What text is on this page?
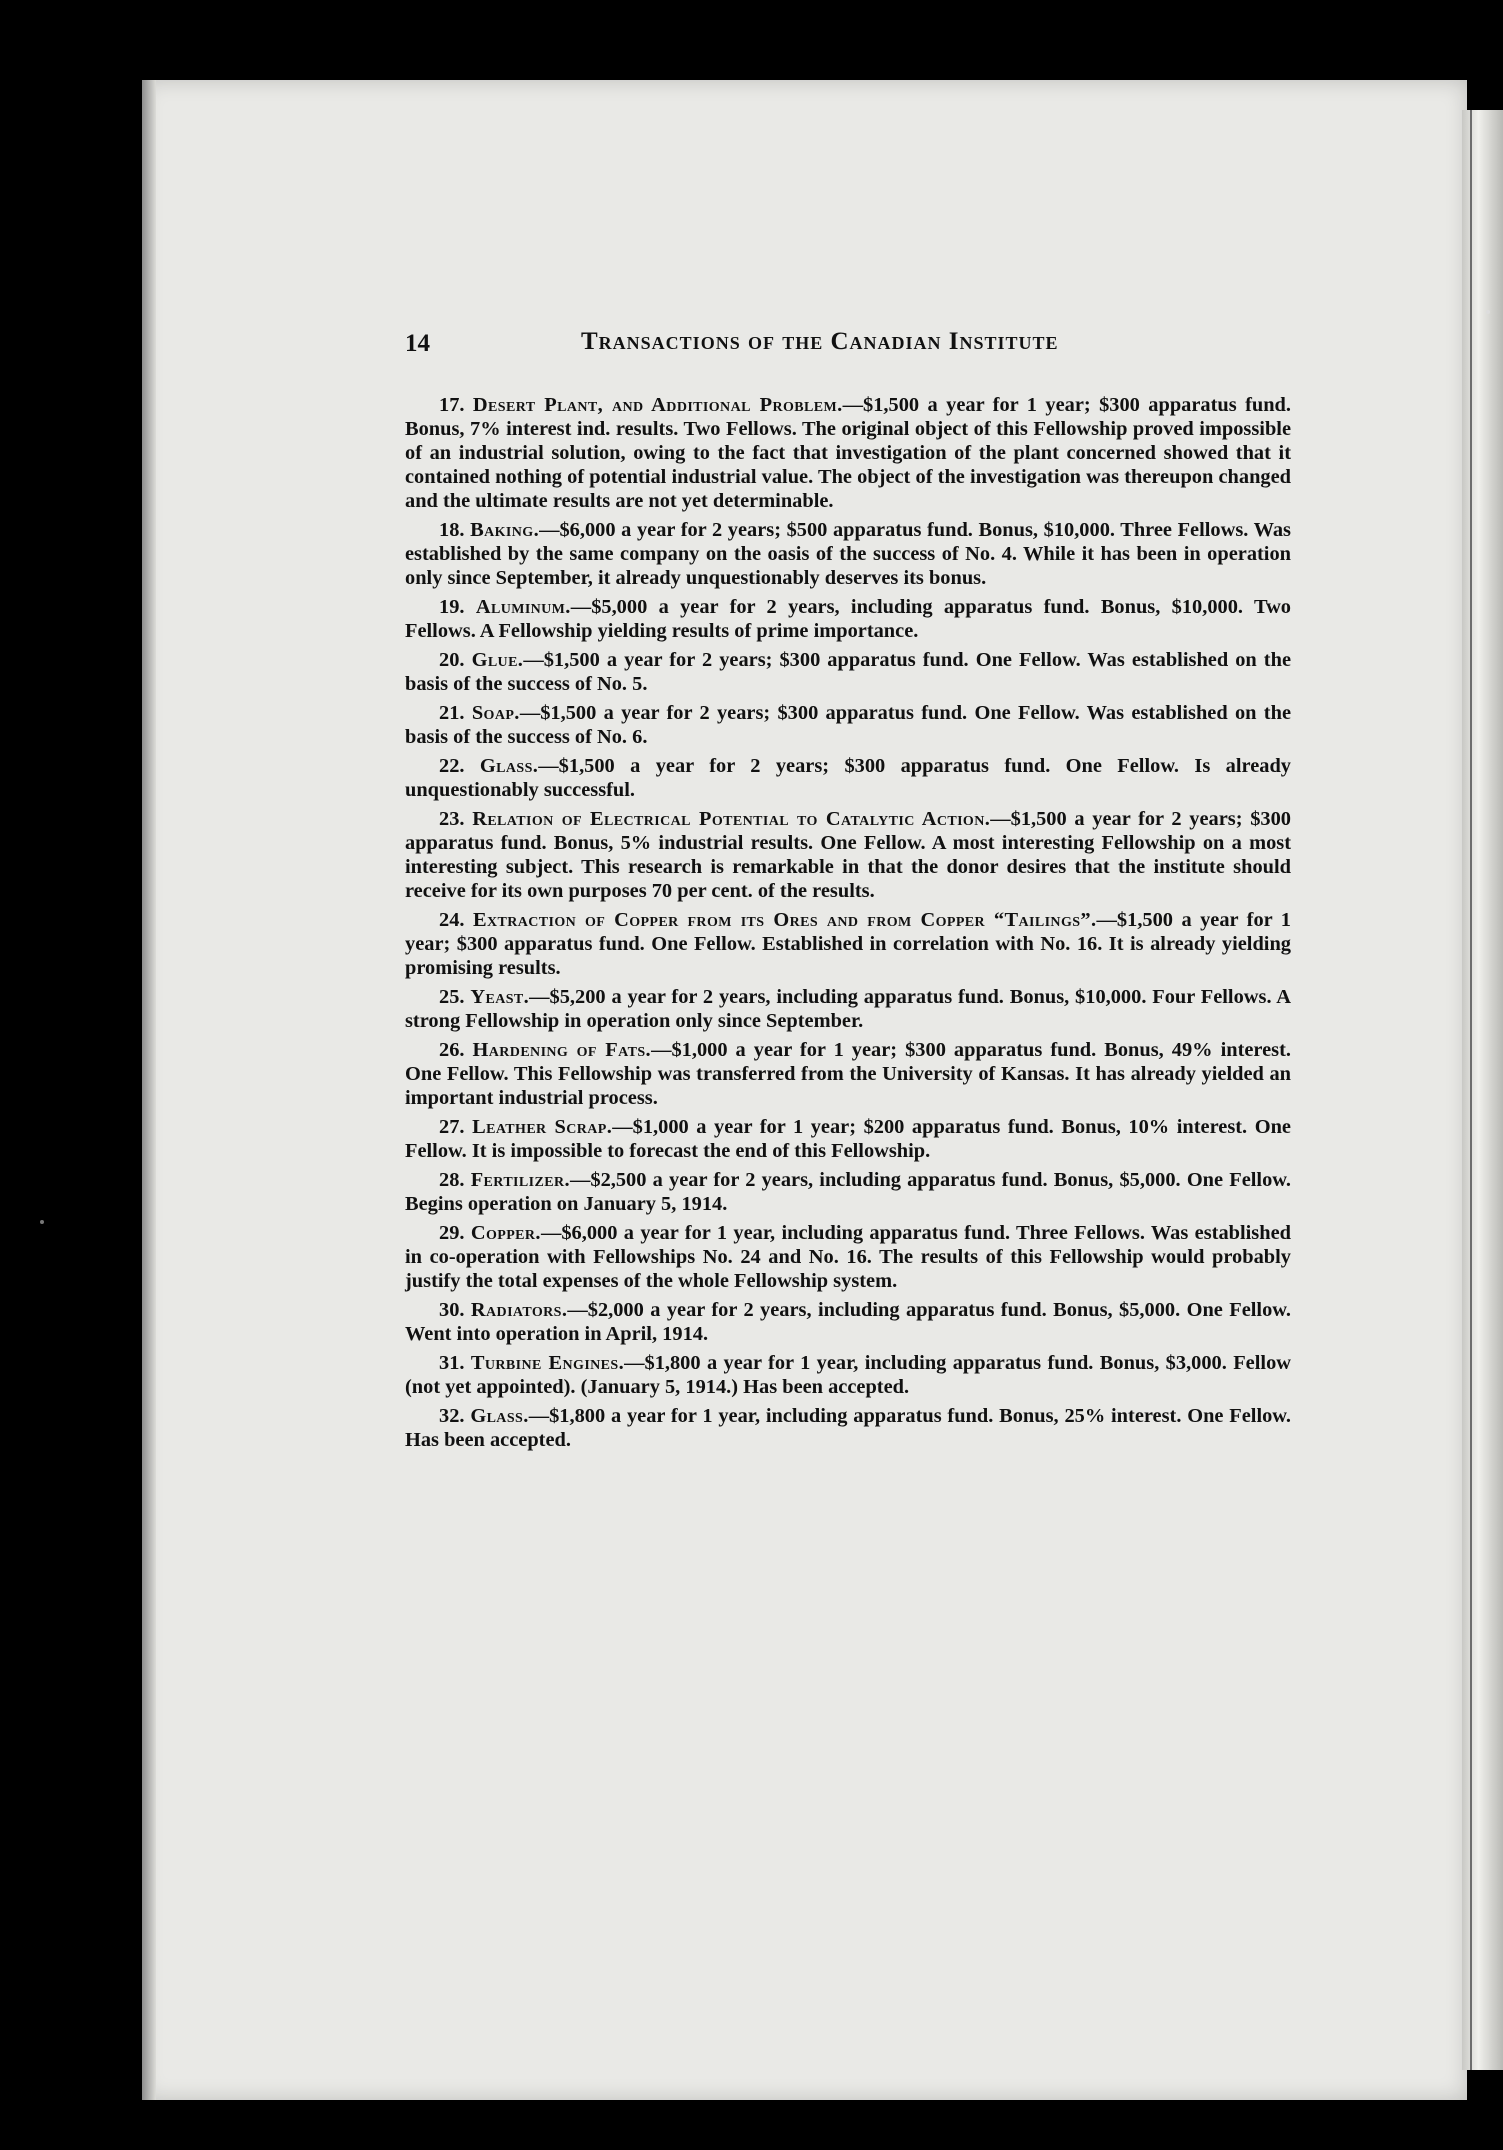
14	Transactions of the Canadian Institute

17. Desert Plant, and Additional Problem.—$1,500 a year for 1 year; $300 apparatus fund. Bonus, 7% interest ind. results. Two Fellows. The original object of this Fellowship proved impossible of an industrial solution, owing to the fact that investigation of the plant concerned showed that it contained nothing of potential industrial value. The object of the investigation was thereupon changed and the ultimate results are not yet determinable.

18. Baking.—$6,000 a year for 2 years; $500 apparatus fund. Bonus, $10,000. Three Fellows. Was established by the same company on the oasis of the success of No. 4. While it has been in operation only since September, it already unquestionably deserves its bonus.

19. Aluminum.—$5,000 a year for 2 years, including apparatus fund. Bonus, $10,000. Two Fellows. A Fellowship yielding results of prime importance.

20. Glue.—$1,500 a year for 2 years; $300 apparatus fund. One Fellow. Was established on the basis of the success of No. 5.

21. Soap.—$1,500 a year for 2 years; $300 apparatus fund. One Fellow. Was established on the basis of the success of No. 6.

22. Glass.—$1,500 a year for 2 years; $300 apparatus fund. One Fellow. Is already unquestionably successful.

23. Relation of Electrical Potential to Catalytic Action.—$1,500 a year for 2 years; $300 apparatus fund. Bonus, 5% industrial results. One Fellow. A most interesting Fellowship on a most interesting subject. This research is remarkable in that the donor desires that the institute should receive for its own purposes 70 per cent. of the results.

24. Extraction of Copper from its Ores and from Copper “Tailings”.—$1,500 a year for 1 year; $300 apparatus fund. One Fellow. Established in correlation with No. 16. It is already yielding promising results.

25. Yeast.—$5,200 a year for 2 years, including apparatus fund. Bonus, $10,000. Four Fellows. A strong Fellowship in operation only since September.

26. Hardening of Fats.—$1,000 a year for 1 year; $300 apparatus fund. Bonus, 49% interest. One Fellow. This Fellowship was transferred from the University of Kansas. It has already yielded an important industrial process.

27. Leather Scrap.—$1,000 a year for 1 year; $200 apparatus fund. Bonus, 10% interest. One Fellow. It is impossible to forecast the end of this Fellowship.

28. Fertilizer.—$2,500 a year for 2 years, including apparatus fund. Bonus, $5,000. One Fellow. Begins operation on January 5, 1914.

29. Copper.—$6,000 a year for 1 year, including apparatus fund. Three Fellows. Was established in co-operation with Fellowships No. 24 and No. 16. The results of this Fellowship would probably justify the total expenses of the whole Fellowship system.

30. Radiators.—$2,000 a year for 2 years, including apparatus fund. Bonus, $5,000. One Fellow. Went into operation in April, 1914.

31. Turbine Engines.—$1,800 a year for 1 year, including apparatus fund. Bonus, $3,000. Fellow (not yet appointed). (January 5, 1914.) Has been accepted.

32. Glass.—$1,800 a year for 1 year, including apparatus fund. Bonus, 25% interest. One Fellow. Has been accepted.
